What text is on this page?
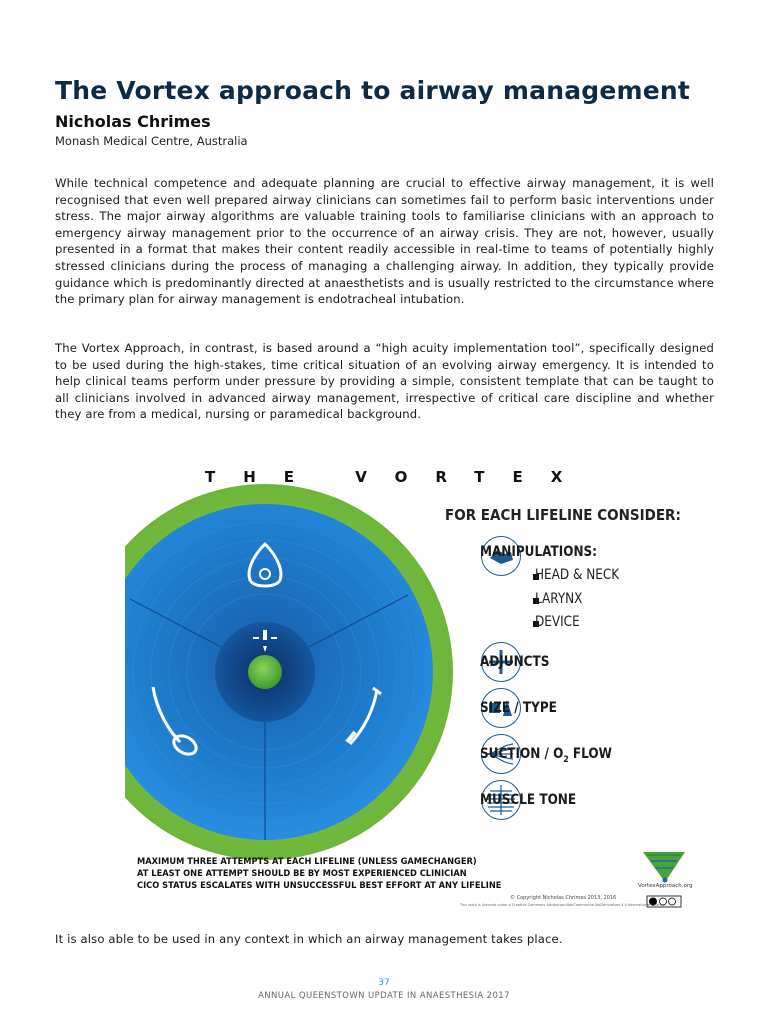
The Vortex approach to airway management
Nicholas Chrimes
Monash Medical Centre, Australia
While technical competence and adequate planning are crucial to effective airway management, it is well recognised that even well prepared airway clinicians can sometimes fail to perform basic interventions under stress. The major airway algorithms are valuable training tools to familiarise clinicians with an approach to emergency airway management prior to the occurrence of an airway crisis. They are not, however, usually presented in a format that makes their content readily accessible in real-time to teams of potentially highly stressed clinicians during the process of managing a challenging airway. In addition, they typically provide guidance which is predominantly directed at anaesthetists and is usually restricted to the circumstance where the primary plan for airway management is endotracheal intubation.
The Vortex Approach, in contrast, is based around a “high acuity implementation tool”, specifically designed to be used during the high-stakes, time critical situation of an evolving airway emergency. It is intended to help clinical teams perform under pressure by providing a simple, consistent template that can be taught to all clinicians involved in advanced airway management, irrespective of critical care discipline and whether they are from a medical, nursing or paramedical background.
THE VORTEX
FOR EACH LIFELINE CONSIDER:
MANIPULATIONS:
HEAD & NECK
LARYNX
DEVICE
ADJUNCTS
SIZE / TYPE
SUCTION / $O_2$ FLOW
MUSCLE TONE
MAXIMUM THREE ATTEMPTS AT EACH LIFELINE (UNLESS GAMECHANGER)
AT LEAST ONE ATTEMPT SHOULD BE BY MOST EXPERIENCED CLINICIAN
CICO STATUS ESCALATES WITH UNSUCCESSFUL BEST EFFORT AT ANY LIFELINE	VortexApproach.org
© Copyright Nicholas Chrimes 2013, 2016
This work is licensed under a Creative Commons Attribution-NonCommercial-NoDerivatives 4.0 International License.
It is also able to be used in any context in which an airway management takes place.
37
ANNUAL QUEENSTOWN UPDATE IN ANAESTHESIA 2017
